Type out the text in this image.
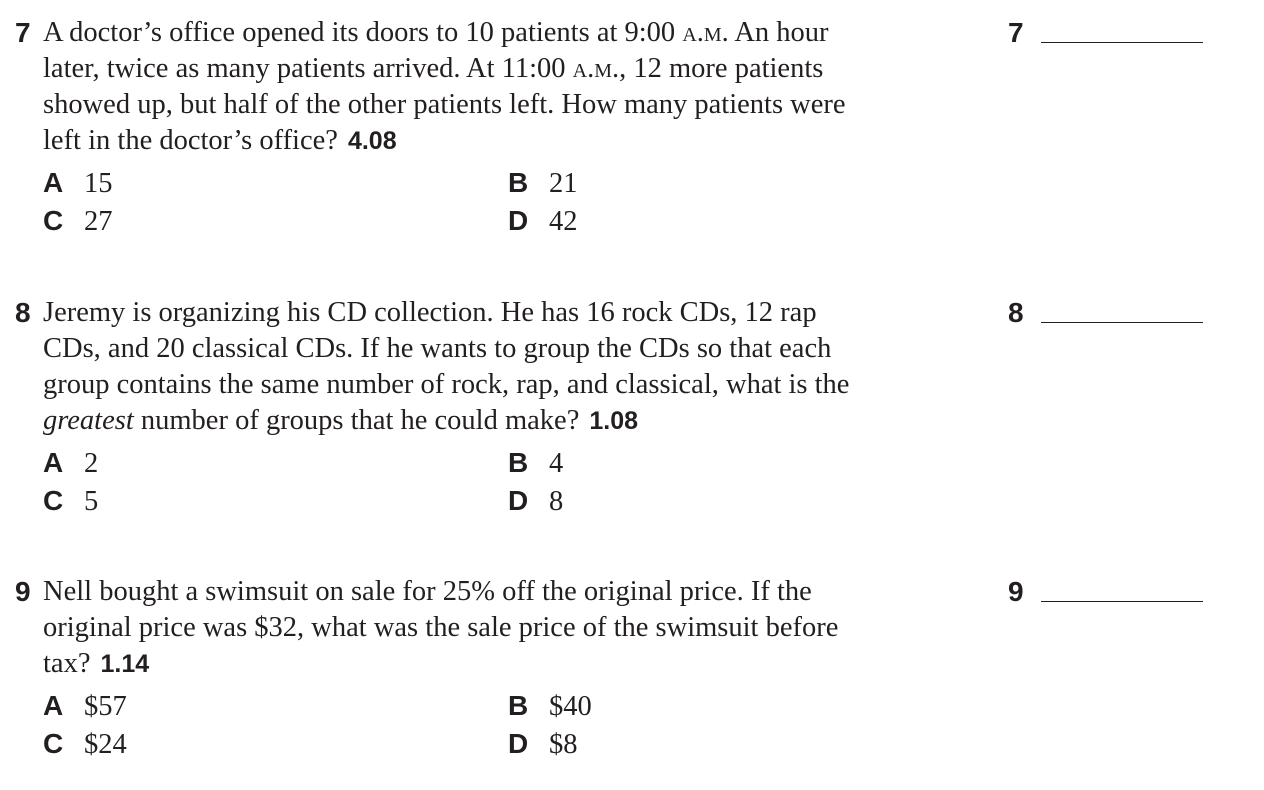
7 A doctor’s office opened its doors to 10 patients at 9:00 a.m. An hour
later, twice as many patients arrived. At 11:00 a.m., 12 more patients
showed up, but half of the other patients left. How many patients were
left in the doctor’s office? 4.08
A 15	B 21
C 27	D 42
7
8 Jeremy is organizing his CD collection. He has 16 rock CDs, 12 rap
CDs, and 20 classical CDs. If he wants to group the CDs so that each
group contains the same number of rock, rap, and classical, what is the
greatest number of groups that he could make? 1.08
A 2	B 4
C 5	D 8
8
9 Nell bought a swimsuit on sale for 25% off the original price. If the
original price was $32, what was the sale price of the swimsuit before
tax? 1.14
A $57	B $40
C $24	D $8
9
